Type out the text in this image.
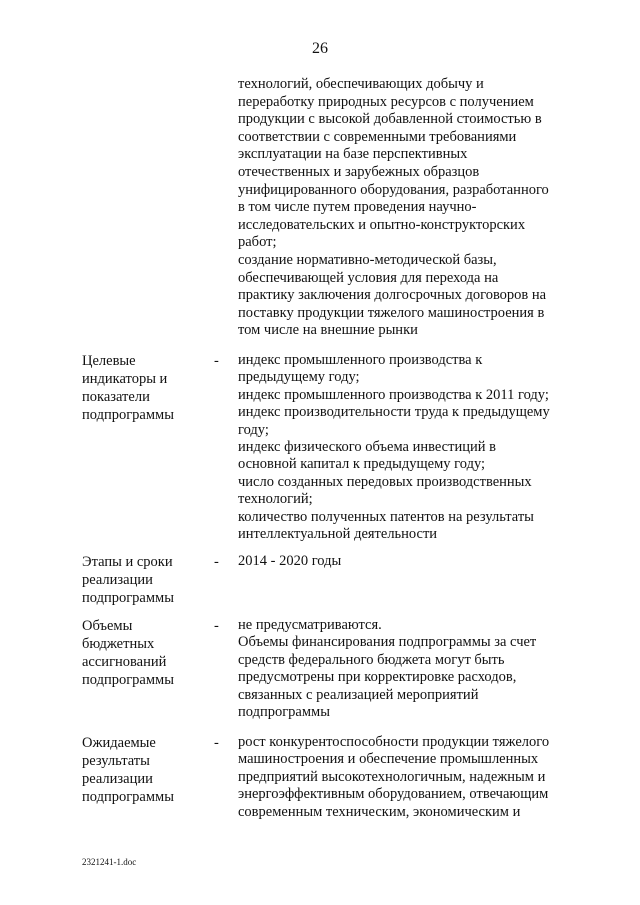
26

технологий, обеспечивающих добычу и

переработку природных ресурсов с получением

продукции с высокой добавленной стоимостью в

соответствии с современными требованиями

эксплуатации на базе перспективных

отечественных и зарубежных образцов

унифицированного оборудования, разработанного

в том числе путем проведения научно-

исследовательских и опытно-конструкторских

работ;

создание нормативно-методической базы,

обеспечивающей условия для перехода на

практику заключения долгосрочных договоров на

поставку продукции тяжелого машиностроения в

том числе на внешние рынки

Целевые
индикаторы и
показатели
подпрограммы
- индекс промышленного производства к

предыдущему году;

индекс промышленного производства к 2011 году;

индекс производительности труда к предыдущему

году;

индекс физического объема инвестиций в

основной капитал к предыдущему году;

число созданных передовых производственных

технологий;

количество полученных патентов на результаты

интеллектуальной деятельности

Этапы и сроки
реализации
подпрограммы
- 2014 - 2020 годы

Объемы
бюджетных
ассигнований
подпрограммы
- не предусматриваются.

Объемы финансирования подпрограммы за счет

средств федерального бюджета могут быть

предусмотрены при корректировке расходов,

связанных с реализацией мероприятий

подпрограммы

Ожидаемые
результаты
реализации
подпрограммы
- рост конкурентоспособности продукции тяжелого

машиностроения и обеспечение промышленных

предприятий высокотехнологичным, надежным и

энергоэффективным оборудованием, отвечающим

современным техническим, экономическим и

2321241-1.doc
